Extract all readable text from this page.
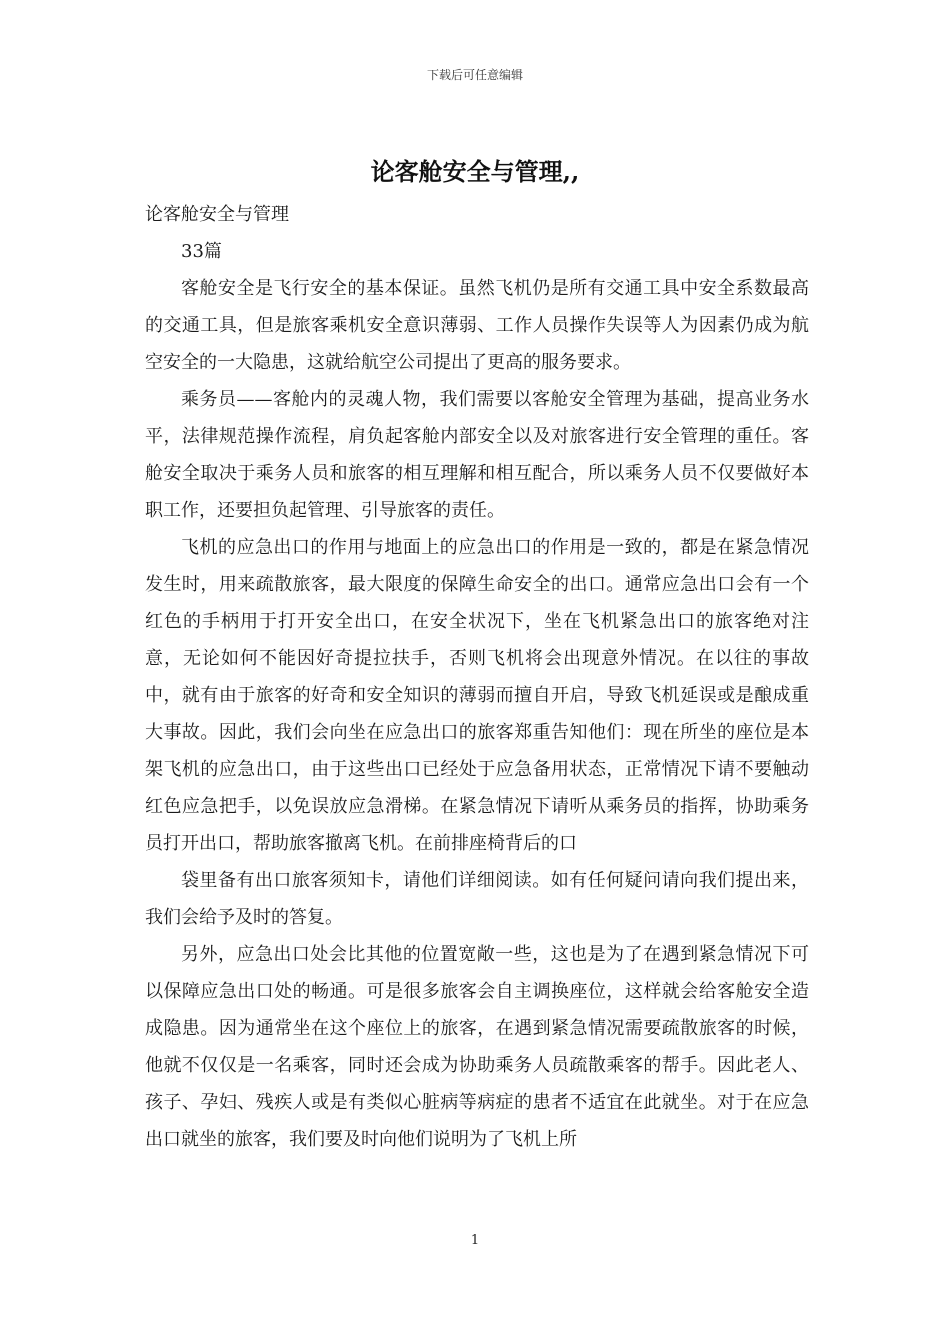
下载后可任意编辑
论客舱安全与管理,,

论客舱安全与管理

33篇

客舱安全是飞行安全的基本保证。虽然飞机仍是所有交通工具中安全系数最高的交通工具，但是旅客乘机安全意识薄弱、工作人员操作失误等人为因素仍成为航空安全的一大隐患，这就给航空公司提出了更高的服务要求。

乘务员——客舱内的灵魂人物，我们需要以客舱安全管理为基础，提高业务水平，法律规范操作流程，肩负起客舱内部安全以及对旅客进行安全管理的重任。客舱安全取决于乘务人员和旅客的相互理解和相互配合，所以乘务人员不仅要做好本职工作，还要担负起管理、引导旅客的责任。

飞机的应急出口的作用与地面上的应急出口的作用是一致的，都是在紧急情况发生时，用来疏散旅客，最大限度的保障生命安全的出口。通常应急出口会有一个红色的手柄用于打开安全出口，在安全状况下，坐在飞机紧急出口的旅客绝对注意，无论如何不能因好奇提拉扶手，否则飞机将会出现意外情况。在以往的事故中，就有由于旅客的好奇和安全知识的薄弱而擅自开启，导致飞机延误或是酿成重大事故。因此，我们会向坐在应急出口的旅客郑重告知他们：现在所坐的座位是本架飞机的应急出口，由于这些出口已经处于应急备用状态，正常情况下请不要触动红色应急把手，以免误放应急滑梯。在紧急情况下请听从乘务员的指挥，协助乘务员打开出口，帮助旅客撤离飞机。在前排座椅背后的口

袋里备有出口旅客须知卡，请他们详细阅读。如有任何疑问请向我们提出来，我们会给予及时的答复。

另外，应急出口处会比其他的位置宽敞一些，这也是为了在遇到紧急情况下可以保障应急出口处的畅通。可是很多旅客会自主调换座位，这样就会给客舱安全造成隐患。因为通常坐在这个座位上的旅客，在遇到紧急情况需要疏散旅客的时候，他就不仅仅是一名乘客，同时还会成为协助乘务人员疏散乘客的帮手。因此老人、孩子、孕妇、残疾人或是有类似心脏病等病症的患者不适宜在此就坐。对于在应急出口就坐的旅客，我们要及时向他们说明为了飞机上所

1
